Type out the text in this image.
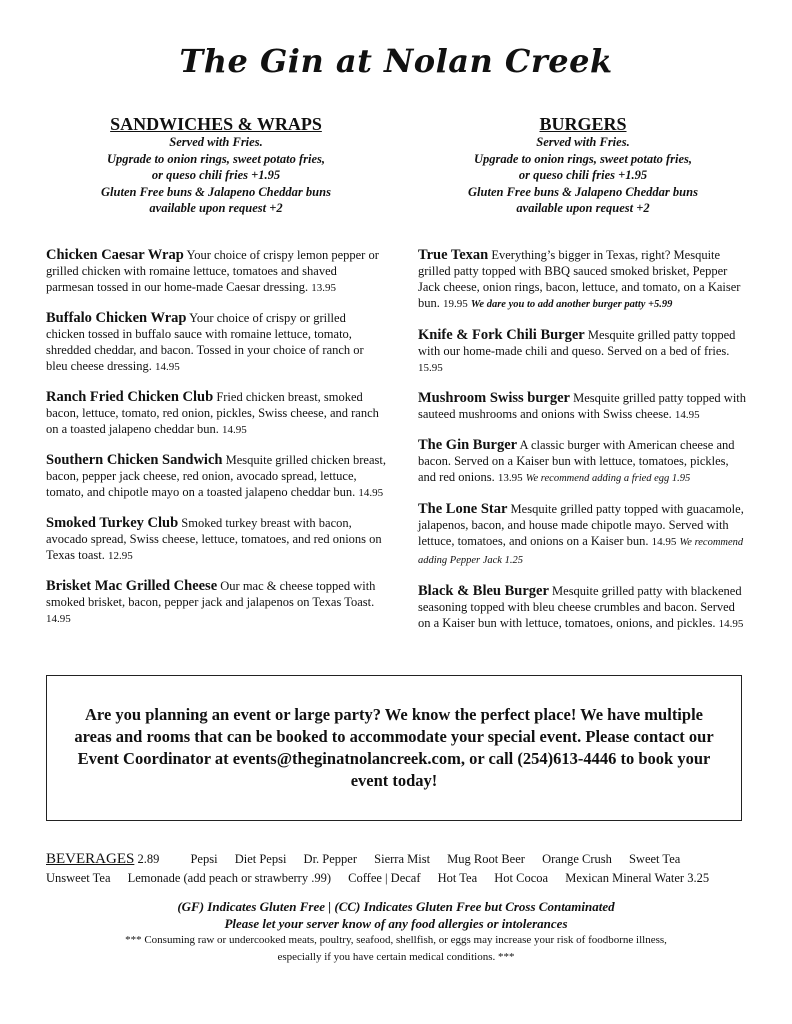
The Gin at Nolan Creek
SANDWICHES & WRAPS
Served with Fries.
Upgrade to onion rings, sweet potato fries,
or queso chili fries +1.95
Gluten Free buns & Jalapeno Cheddar buns
available upon request +2
Chicken Caesar Wrap Your choice of crispy lemon pepper or grilled chicken with romaine lettuce, tomatoes and shaved parmesan tossed in our home-made Caesar dressing. 13.95
Buffalo Chicken Wrap Your choice of crispy or grilled chicken tossed in buffalo sauce with romaine lettuce, tomato, shredded cheddar, and bacon. Tossed in your choice of ranch or bleu cheese dressing. 14.95
Ranch Fried Chicken Club Fried chicken breast, smoked bacon, lettuce, tomato, red onion, pickles, Swiss cheese, and ranch on a toasted jalapeno cheddar bun. 14.95
Southern Chicken Sandwich Mesquite grilled chicken breast, bacon, pepper jack cheese, red onion, avocado spread, lettuce, tomato, and chipotle mayo on a toasted jalapeno cheddar bun. 14.95
Smoked Turkey Club Smoked turkey breast with bacon, avocado spread, Swiss cheese, lettuce, tomatoes, and red onions on Texas toast. 12.95
Brisket Mac Grilled Cheese Our mac & cheese topped with smoked brisket, bacon, pepper jack and jalapenos on Texas Toast. 14.95
BURGERS
Served with Fries.
Upgrade to onion rings, sweet potato fries,
or queso chili fries +1.95
Gluten Free buns & Jalapeno Cheddar buns
available upon request +2
True Texan Everything’s bigger in Texas, right? Mesquite grilled patty topped with BBQ sauced smoked brisket, Pepper Jack cheese, onion rings, bacon, lettuce, and tomato, on a Kaiser bun. 19.95 We dare you to add another burger patty +5.99
Knife & Fork Chili Burger Mesquite grilled patty topped with our home-made chili and queso. Served on a bed of fries. 15.95
Mushroom Swiss burger Mesquite grilled patty topped with sauteed mushrooms and onions with Swiss cheese. 14.95
The Gin Burger A classic burger with American cheese and bacon. Served on a Kaiser bun with lettuce, tomatoes, pickles, and red onions. 13.95 We recommend adding a fried egg 1.95
The Lone Star Mesquite grilled patty topped with guacamole, jalapenos, bacon, and house made chipotle mayo. Served with lettuce, tomatoes, and onions on a Kaiser bun. 14.95 We recommend adding Pepper Jack 1.25
Black & Bleu Burger Mesquite grilled patty with blackened seasoning topped with bleu cheese crumbles and bacon. Served on a Kaiser bun with lettuce, tomatoes, onions, and pickles. 14.95
Are you planning an event or large party? We know the perfect place! We have multiple areas and rooms that can be booked to accommodate your special event. Please contact our Event Coordinator at events@theginatnolancreek.com, or call (254)613-4446 to book your event today!
BEVERAGES 2.89 Pepsi Diet Pepsi Dr. Pepper Sierra Mist Mug Root Beer Orange Crush Sweet Tea
Unsweet Tea Lemonade (add peach or strawberry .99) Coffee | Decaf Hot Tea Hot Cocoa Mexican Mineral Water 3.25
(GF) Indicates Gluten Free | (CC) Indicates Gluten Free but Cross Contaminated
Please let your server know of any food allergies or intolerances
*** Consuming raw or undercooked meats, poultry, seafood, shellfish, or eggs may increase your risk of foodborne illness,
especially if you have certain medical conditions. ***
